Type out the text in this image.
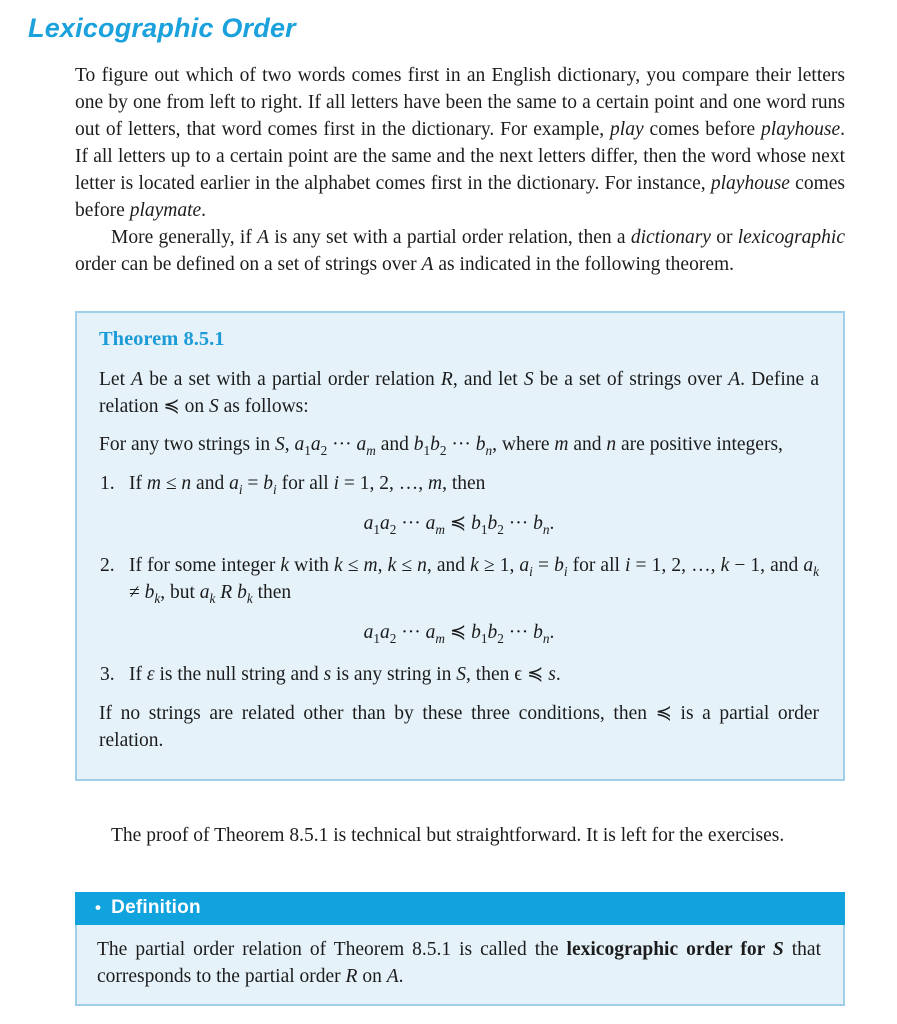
Lexicographic Order

To figure out which of two words comes first in an English dictionary, you compare their letters one by one from left to right. If all letters have been the same to a certain point and one word runs out of letters, that word comes first in the dictionary. For example, play comes before playhouse. If all letters up to a certain point are the same and the next letters differ, then the word whose next letter is located earlier in the alphabet comes first in the dictionary. For instance, playhouse comes before playmate.

More generally, if A is any set with a partial order relation, then a dictionary or lexicographic order can be defined on a set of strings over A as indicated in the following theorem.

Theorem 8.5.1

Let A be a set with a partial order relation R, and let S be a set of strings over A. Define a relation ≼ on S as follows:

For any two strings in S, $a_1a_2$ ··· $a_m$ and $b_1b_2$ ··· $b_n$, where m and n are positive integers,

1. If m ≤ n and $a_i = b_i$ for all i = 1, 2, …, m, then
$a_1a_2$ ··· $a_m$ ≼ $b_1b_2$ ··· $b_n$.
2. If for some integer k with k ≤ m, k ≤ n, and k ≥ 1, $a_i = b_i$ for all i = 1, 2, …, k − 1, and $a_k \ne b_k$, but $a_k$ R $b_k$ then
$a_1a_2$ ··· $a_m$ ≼ $b_1b_2$ ··· $b_n$.
3. If ε is the null string and s is any string in S, then ϵ ≼ s.

If no strings are related other than by these three conditions, then ≼ is a partial order relation.

The proof of Theorem 8.5.1 is technical but straightforward. It is left for the exercises.

• Definition
The partial order relation of Theorem 8.5.1 is called the lexicographic order for S that corresponds to the partial order R on A.
